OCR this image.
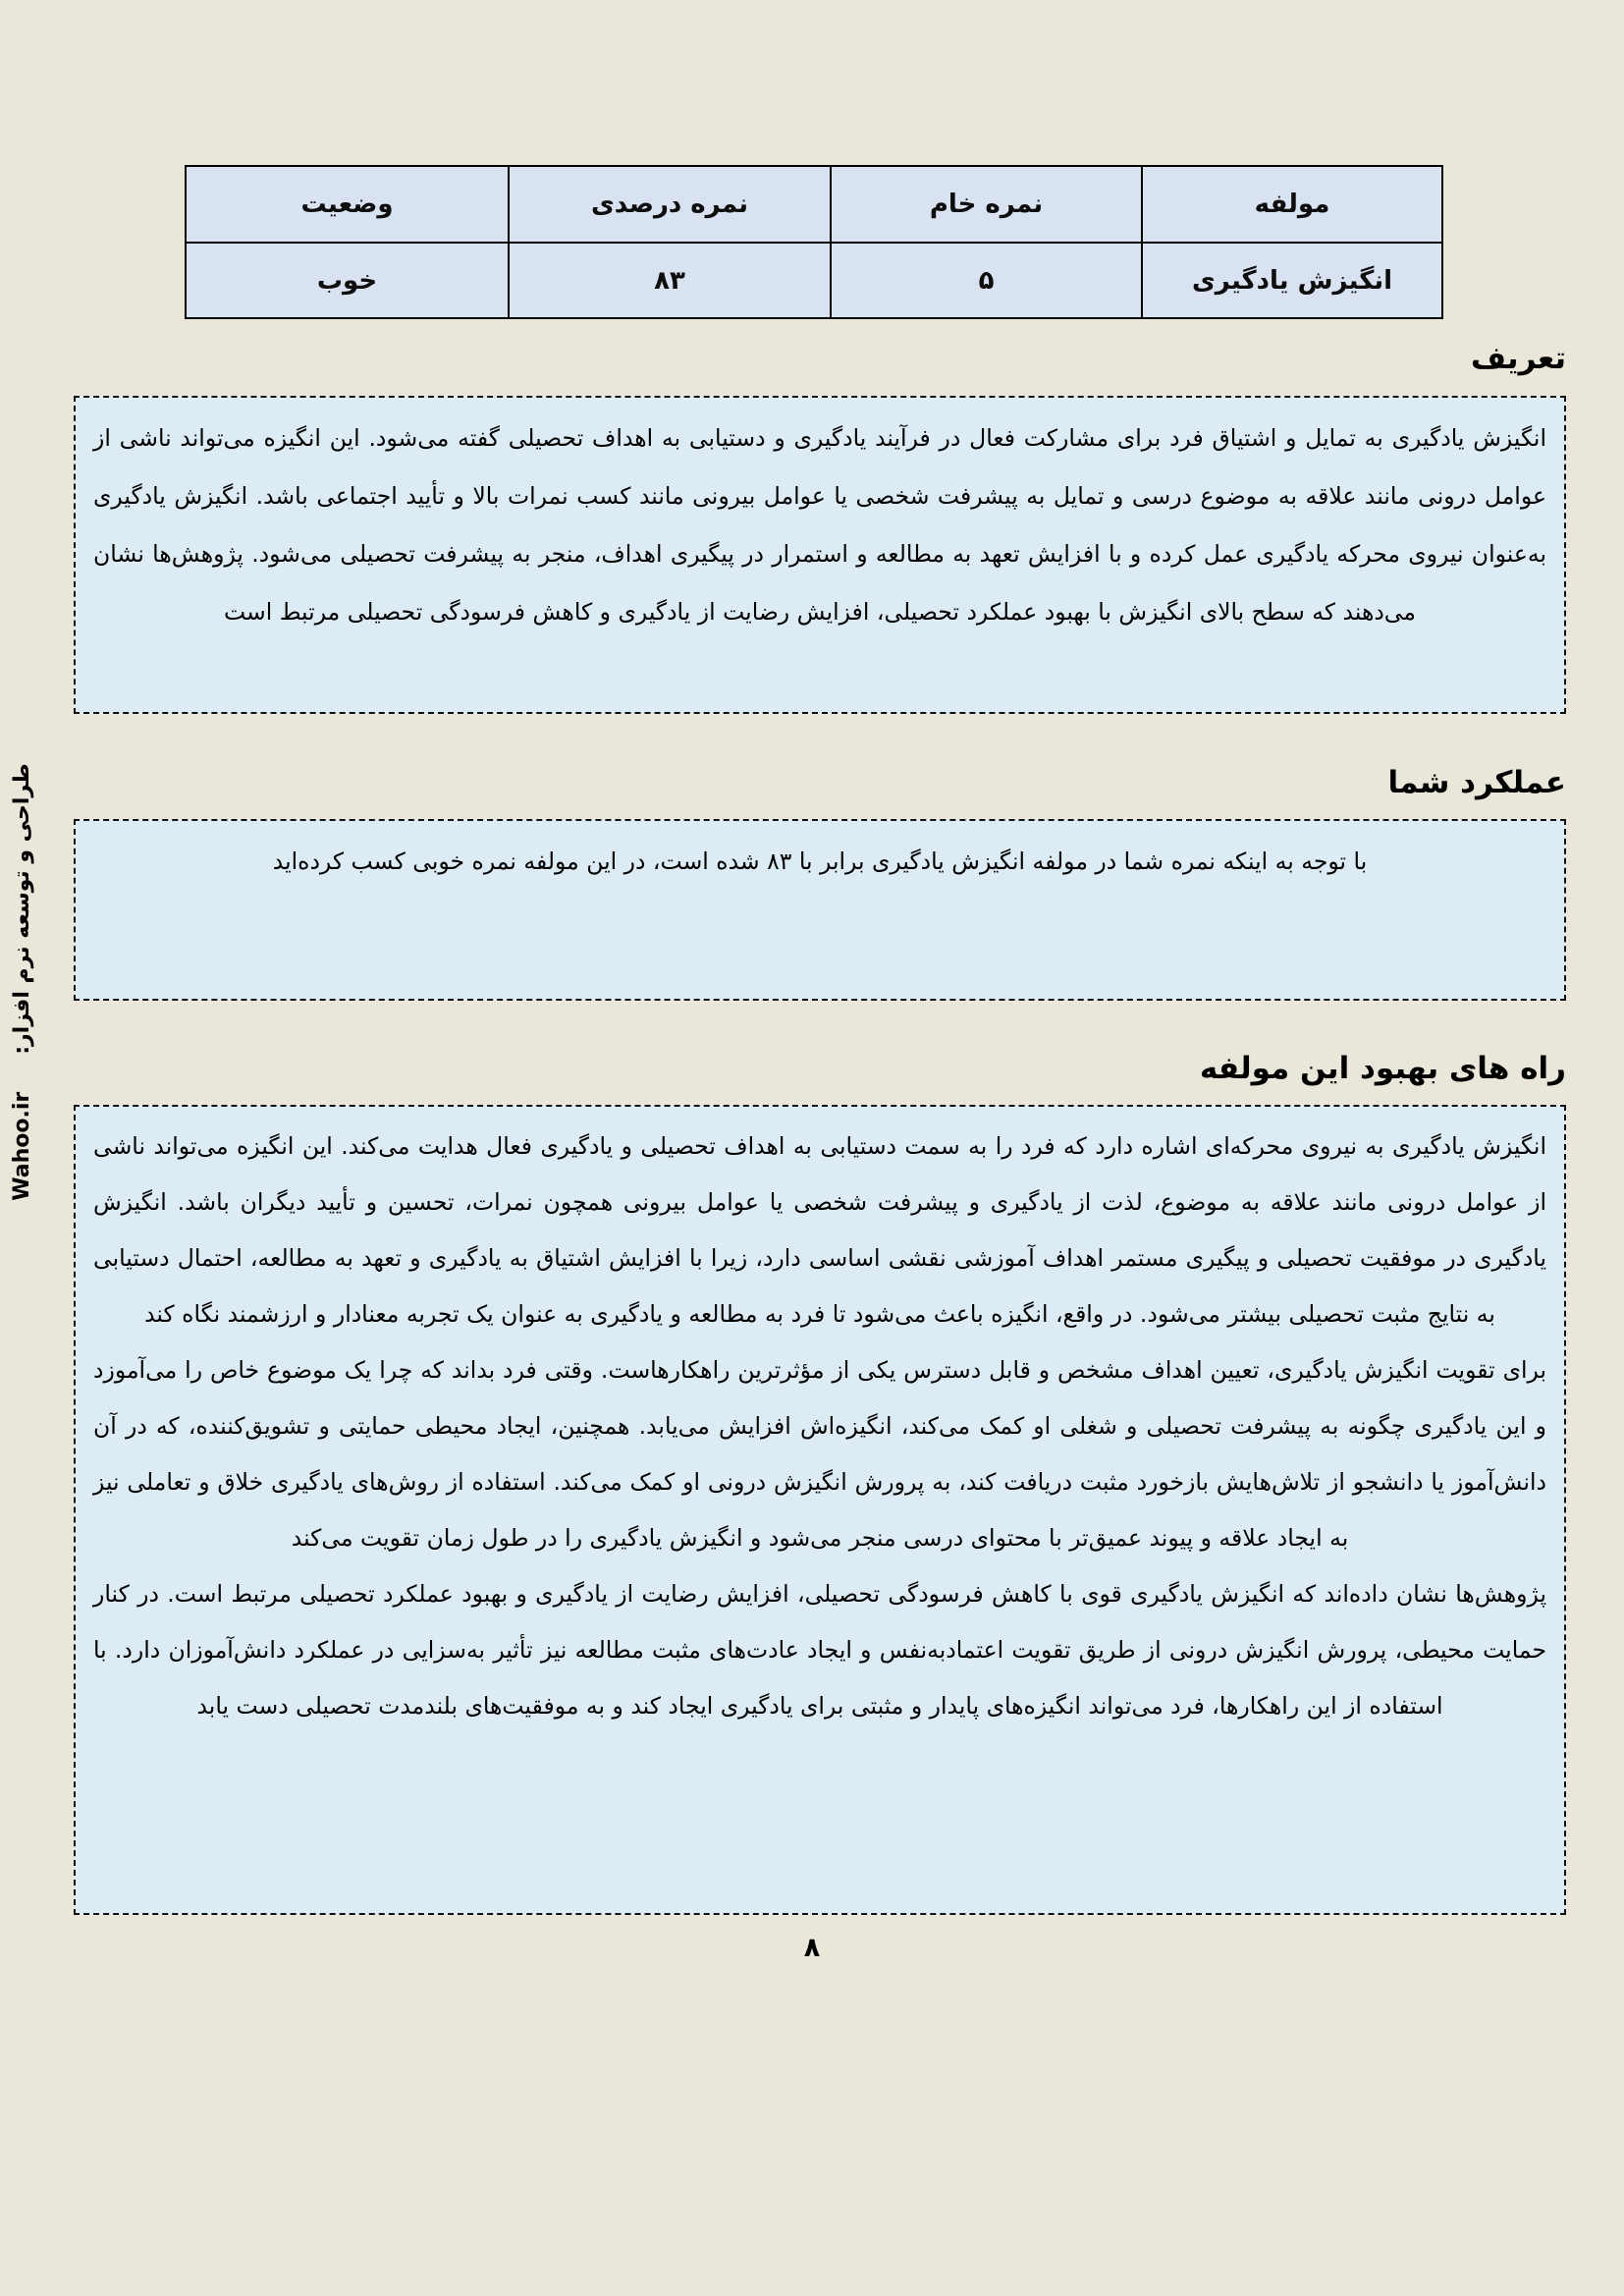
طراحی و توسعه نرم افزار:Wahoo.ir
مولفه	نمره خام	نمره درصدی	وضعیت
انگیزش یادگیری	۵	۸۳	خوب
تعریف

انگیزش یادگیری به تمایل و اشتیاق فرد برای مشارکت فعال در فرآیند یادگیری و دستیابی به اهداف تحصیلی گفته می‌شود. این انگیزه می‌تواند ناشی از عوامل درونی مانند علاقه به موضوع درسی و تمایل به پیشرفت شخصی یا عوامل بیرونی مانند کسب نمرات بالا و تأیید اجتماعی باشد. انگیزش یادگیری به‌عنوان نیروی محرکه یادگیری عمل کرده و با افزایش تعهد به مطالعه و استمرار در پیگیری اهداف، منجر به پیشرفت تحصیلی می‌شود. پژوهش‌ها نشان می‌دهند که سطح بالای انگیزش با بهبود عملکرد تحصیلی، افزایش رضایت از یادگیری و کاهش فرسودگی تحصیلی مرتبط است

عملکرد شما

با توجه به اینکه نمره شما در مولفه انگیزش یادگیری برابر با ۸۳ شده است، در این مولفه نمره خوبی کسب کرده‌اید

راه های بهبود این مولفه

انگیزش یادگیری به نیروی محرکه‌ای اشاره دارد که فرد را به سمت دستیابی به اهداف تحصیلی و یادگیری فعال هدایت می‌کند. این انگیزه می‌تواند ناشی از عوامل درونی مانند علاقه به موضوع، لذت از یادگیری و پیشرفت شخصی یا عوامل بیرونی همچون نمرات، تحسین و تأیید دیگران باشد. انگیزش یادگیری در موفقیت تحصیلی و پیگیری مستمر اهداف آموزشی نقشی اساسی دارد، زیرا با افزایش اشتیاق به یادگیری و تعهد به مطالعه، احتمال دستیابی به نتایج مثبت تحصیلی بیشتر می‌شود. در واقع، انگیزه باعث می‌شود تا فرد به مطالعه و یادگیری به عنوان یک تجربه معنادار و ارزشمند نگاه کند

برای تقویت انگیزش یادگیری، تعیین اهداف مشخص و قابل دسترس یکی از مؤثرترین راهکارهاست. وقتی فرد بداند که چرا یک موضوع خاص را می‌آموزد و این یادگیری چگونه به پیشرفت تحصیلی و شغلی او کمک می‌کند، انگیزه‌اش افزایش می‌یابد. همچنین، ایجاد محیطی حمایتی و تشویق‌کننده، که در آن دانش‌آموز یا دانشجو از تلاش‌هایش بازخورد مثبت دریافت کند، به پرورش انگیزش درونی او کمک می‌کند. استفاده از روش‌های یادگیری خلاق و تعاملی نیز به ایجاد علاقه و پیوند عمیق‌تر با محتوای درسی منجر می‌شود و انگیزش یادگیری را در طول زمان تقویت می‌کند

پژوهش‌ها نشان داده‌اند که انگیزش یادگیری قوی با کاهش فرسودگی تحصیلی، افزایش رضایت از یادگیری و بهبود عملکرد تحصیلی مرتبط است. در کنار حمایت محیطی، پرورش انگیزش درونی از طریق تقویت اعتمادبه‌نفس و ایجاد عادت‌های مثبت مطالعه نیز تأثیر به‌سزایی در عملکرد دانش‌آموزان دارد. با استفاده از این راهکارها، فرد می‌تواند انگیزه‌های پایدار و مثبتی برای یادگیری ایجاد کند و به موفقیت‌های بلندمدت تحصیلی دست یابد

۸
